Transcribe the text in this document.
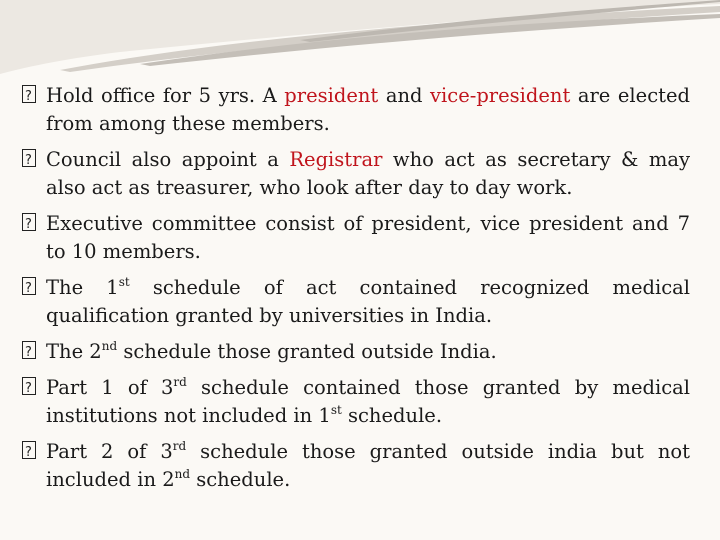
?
Hold office for 5 yrs. A president and vice-president are elected from among these members.
?
Council also appoint a Registrar who act as secretary & may also act as treasurer, who look after day to day work.
?
Executive committee consist of president, vice president and 7 to 10 members.
?
The 1st schedule of act contained recognized medical qualification granted by universities in India.
?
The 2nd schedule those granted outside India.
?
Part 1 of 3rd schedule contained those granted by medical institutions not included in 1st schedule.
?
Part 2 of 3rd schedule those granted outside india but not included in 2nd schedule.
